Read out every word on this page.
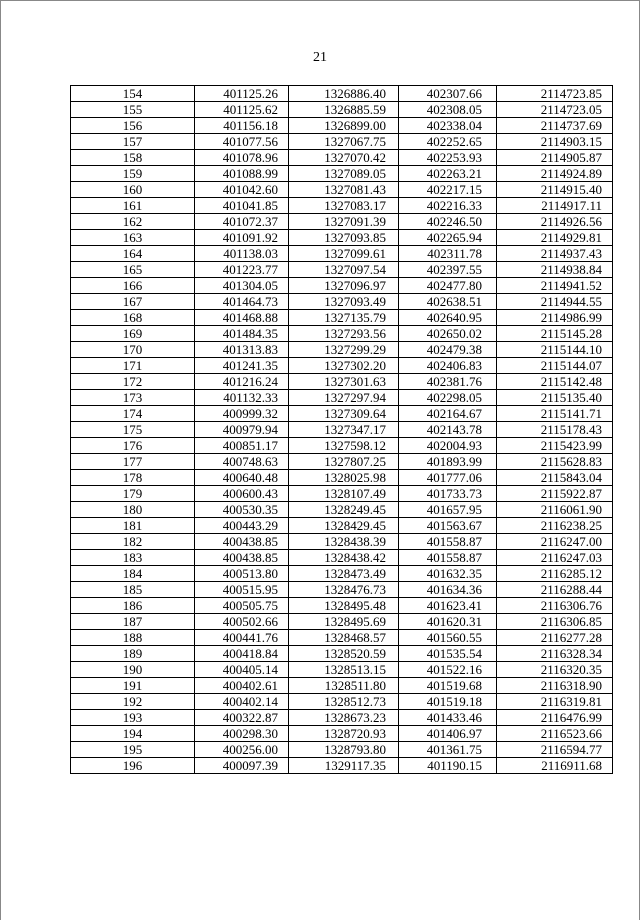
21
154	401125.26	1326886.40	402307.66	2114723.85
155	401125.62	1326885.59	402308.05	2114723.05
156	401156.18	1326899.00	402338.04	2114737.69
157	401077.56	1327067.75	402252.65	2114903.15
158	401078.96	1327070.42	402253.93	2114905.87
159	401088.99	1327089.05	402263.21	2114924.89
160	401042.60	1327081.43	402217.15	2114915.40
161	401041.85	1327083.17	402216.33	2114917.11
162	401072.37	1327091.39	402246.50	2114926.56
163	401091.92	1327093.85	402265.94	2114929.81
164	401138.03	1327099.61	402311.78	2114937.43
165	401223.77	1327097.54	402397.55	2114938.84
166	401304.05	1327096.97	402477.80	2114941.52
167	401464.73	1327093.49	402638.51	2114944.55
168	401468.88	1327135.79	402640.95	2114986.99
169	401484.35	1327293.56	402650.02	2115145.28
170	401313.83	1327299.29	402479.38	2115144.10
171	401241.35	1327302.20	402406.83	2115144.07
172	401216.24	1327301.63	402381.76	2115142.48
173	401132.33	1327297.94	402298.05	2115135.40
174	400999.32	1327309.64	402164.67	2115141.71
175	400979.94	1327347.17	402143.78	2115178.43
176	400851.17	1327598.12	402004.93	2115423.99
177	400748.63	1327807.25	401893.99	2115628.83
178	400640.48	1328025.98	401777.06	2115843.04
179	400600.43	1328107.49	401733.73	2115922.87
180	400530.35	1328249.45	401657.95	2116061.90
181	400443.29	1328429.45	401563.67	2116238.25
182	400438.85	1328438.39	401558.87	2116247.00
183	400438.85	1328438.42	401558.87	2116247.03
184	400513.80	1328473.49	401632.35	2116285.12
185	400515.95	1328476.73	401634.36	2116288.44
186	400505.75	1328495.48	401623.41	2116306.76
187	400502.66	1328495.69	401620.31	2116306.85
188	400441.76	1328468.57	401560.55	2116277.28
189	400418.84	1328520.59	401535.54	2116328.34
190	400405.14	1328513.15	401522.16	2116320.35
191	400402.61	1328511.80	401519.68	2116318.90
192	400402.14	1328512.73	401519.18	2116319.81
193	400322.87	1328673.23	401433.46	2116476.99
194	400298.30	1328720.93	401406.97	2116523.66
195	400256.00	1328793.80	401361.75	2116594.77
196	400097.39	1329117.35	401190.15	2116911.68
